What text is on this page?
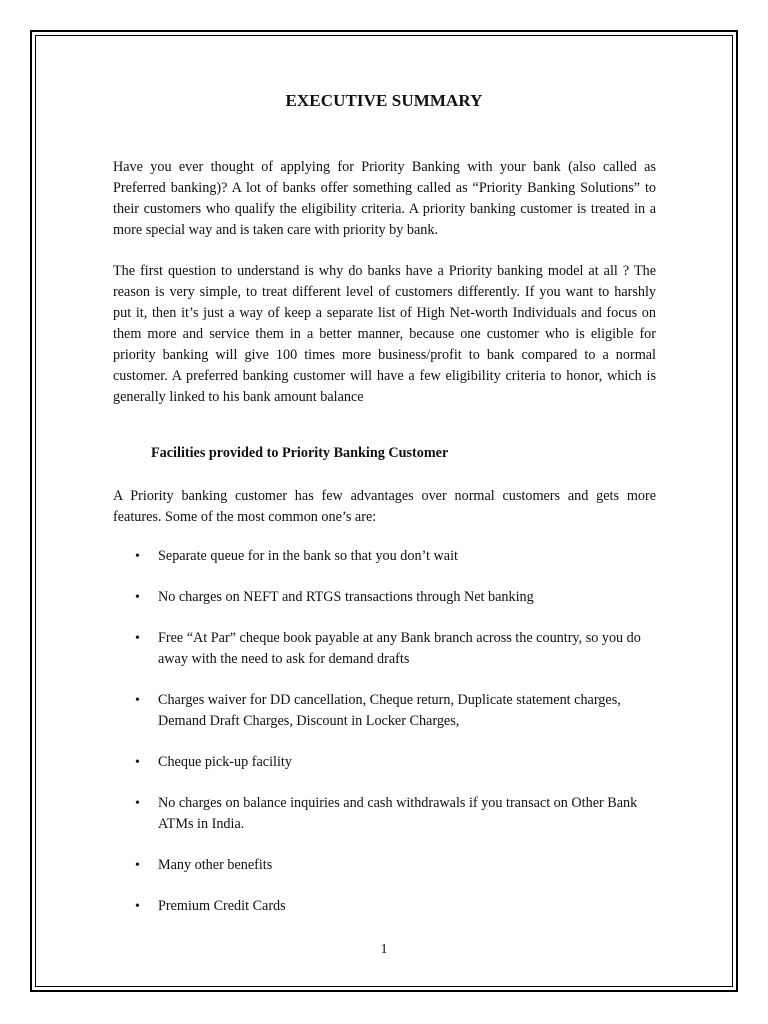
EXECUTIVE SUMMARY

Have you ever thought of applying for Priority Banking with your bank (also called as Preferred banking)? A lot of banks offer something called as “Priority Banking Solutions” to their customers who qualify the eligibility criteria. A priority banking customer is treated in a more special way and is taken care with priority by bank.

The first question to understand is why do banks have a Priority banking model at all ? The reason is very simple, to treat different level of customers differently. If you want to harshly put it, then it’s just a way of keep a separate list of High Net-worth Individuals and focus on them more and service them in a better manner, because one customer who is eligible for priority banking will give 100 times more business/profit to bank compared to a normal customer. A preferred banking customer will have a few eligibility criteria to honor, which is generally linked to his bank amount balance

Facilities provided to Priority Banking Customer

A Priority banking customer has few advantages over normal customers and gets more features. Some of the most common one’s are:

• Separate queue for in the bank so that you don’t wait
• No charges on NEFT and RTGS transactions through Net banking
• Free “At Par” cheque book payable at any Bank branch across the country, so you do away with the need to ask for demand drafts
• Charges waiver for DD cancellation, Cheque return, Duplicate statement charges, Demand Draft Charges, Discount in Locker Charges,
• Cheque pick-up facility
• No charges on balance inquiries and cash withdrawals if you transact on Other Bank ATMs in India.
• Many other benefits
• Premium Credit Cards
1
